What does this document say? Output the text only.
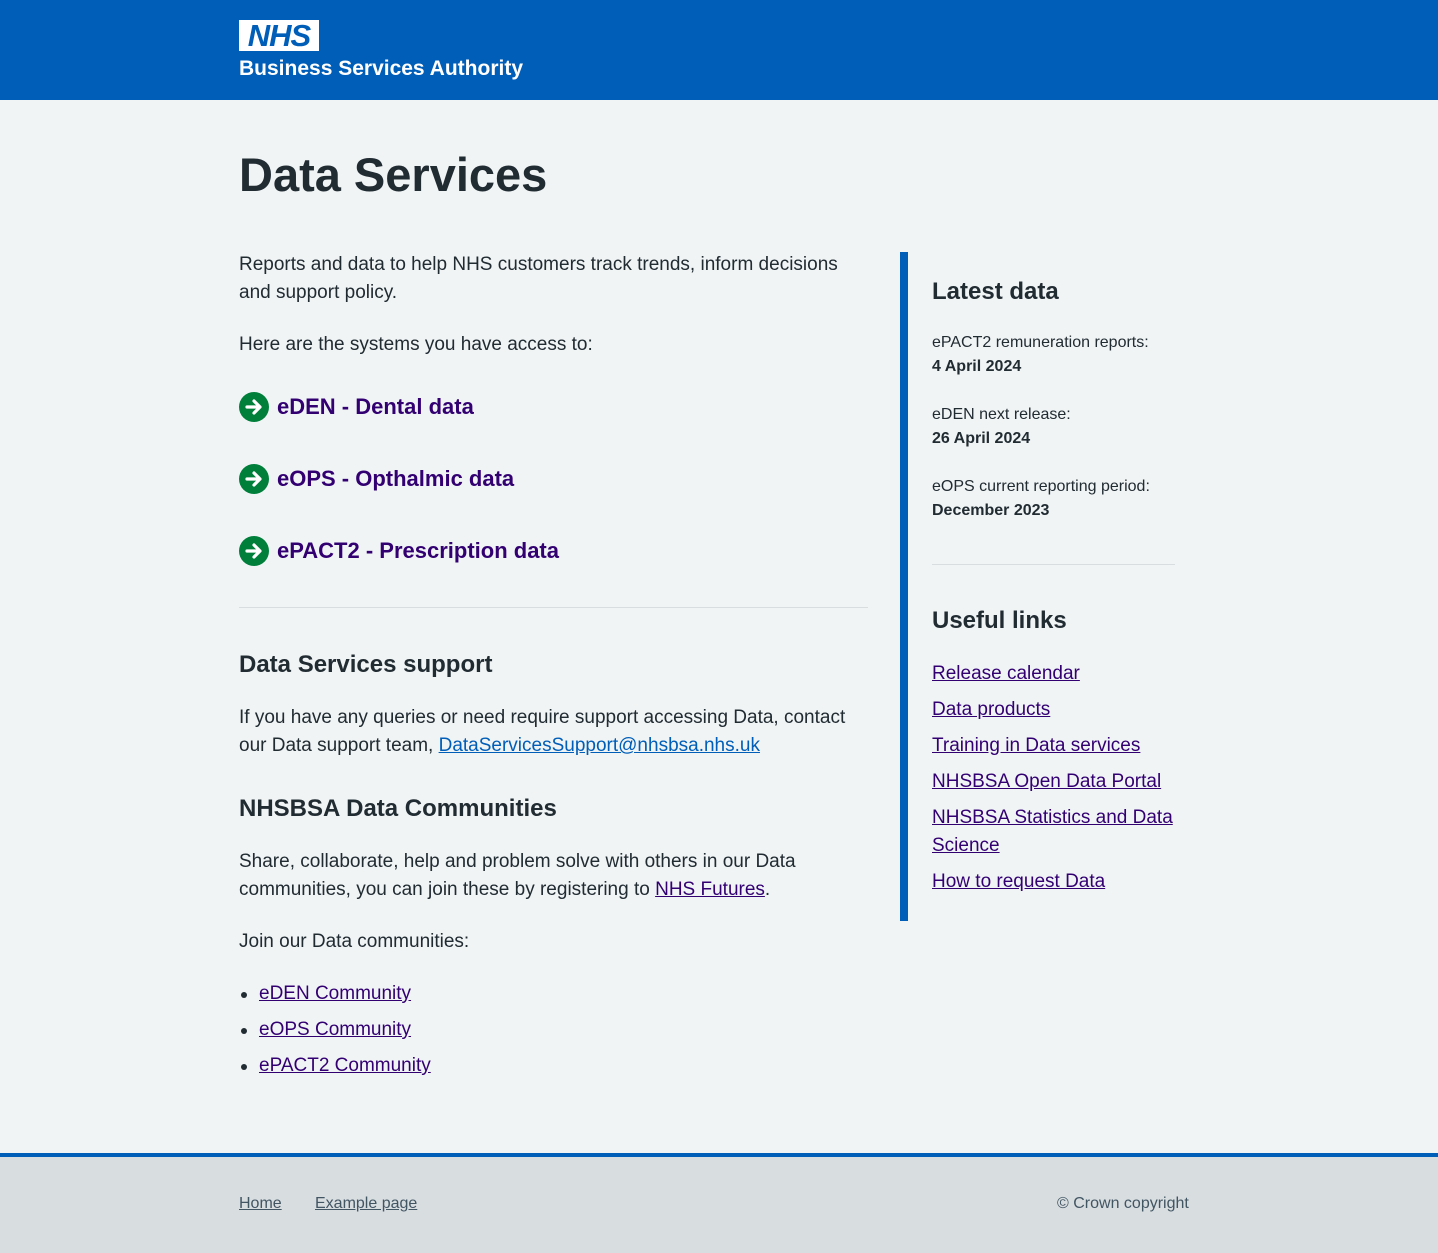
NHS
Business Services Authority
Data Services

Reports and data to help NHS customers track trends, inform decisions and support policy.

Here are the systems you have access to:

eDEN - Dental data
eOPS - Opthalmic data
ePACT2 - Prescription data
Data Services support

If you have any queries or need require support accessing Data, contact our Data support team, DataServicesSupport@nhsbsa.nhs.uk

NHSBSA Data Communities

Share, collaborate, help and problem solve with others in our Data communities, you can join these by registering to NHS Futures.

Join our Data communities:

eDEN Community
eOPS Community
ePACT2 Community
Latest data
ePACT2 remuneration reports:
4 April 2024
eDEN next release:
26 April 2024
eOPS current reporting period:
December 2023
Useful links
Release calendar
Data products
Training in Data services
NHSBSA Open Data Portal
NHSBSA Statistics and Data Science
How to request Data
Home Example page	© Crown copyright
